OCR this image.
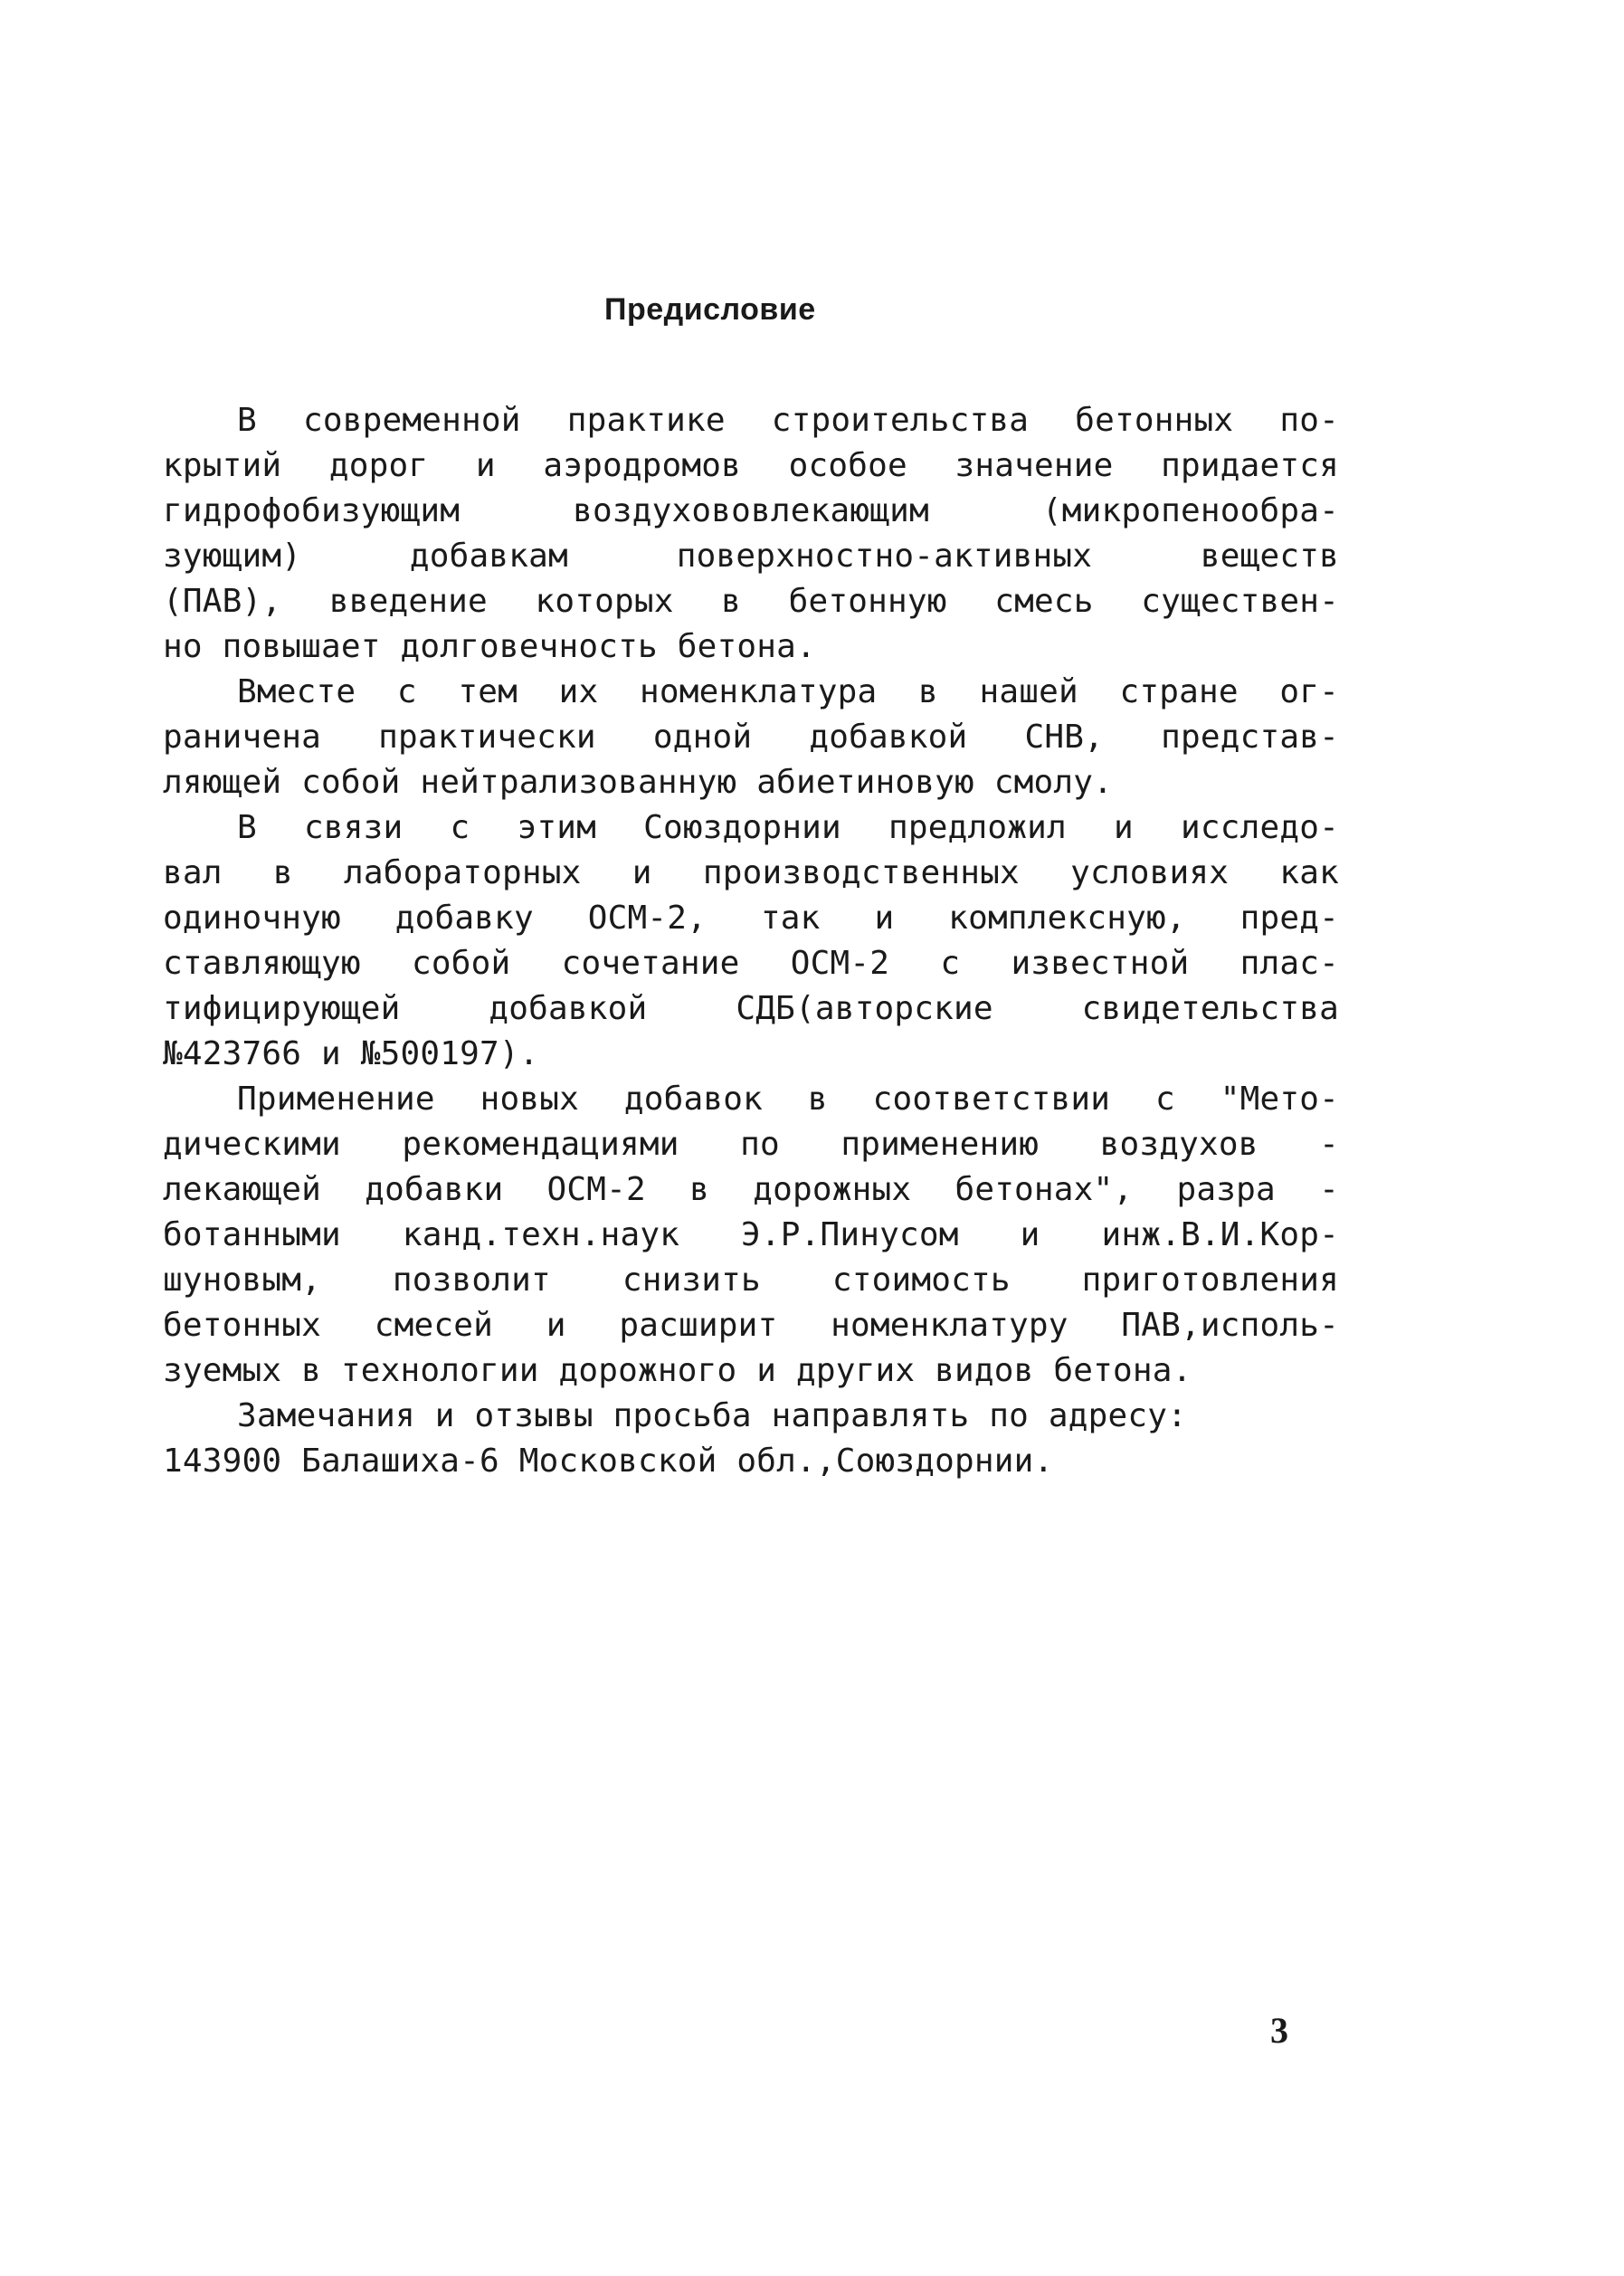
Предисловие
В современной практике строительства бетонных по-
крытий дорог и аэродромов особое значение придается
гидрофобизующим воздухововлекающим (микропенообра-
зующим) добавкам поверхностно-активных веществ
(ПАВ), введение которых в бетонную смесь существен-
но повышает долговечность бетона.
Вместе с тем их номенклатура в нашей стране ог-
раничена практически одной добавкой СНВ, представ-
ляющей собой нейтрализованную абиетиновую смолу.
В связи с этим Союздорнии предложил и исследо-
вал в лабораторных и производственных условиях как
одиночную добавку ОСМ-2, так и комплексную, пред-
ставляющую собой сочетание ОСМ-2 с известной плас-
тифицирующей добавкой СДБ(авторские свидетельства
№423766 и №500197).
Применение новых добавок в соответствии с "Мето-
дическими рекомендациями по применению воздухов -
лекающей добавки ОСМ-2 в дорожных бетонах", разра -
ботанными канд.техн.наук Э.Р.Пинусом и инж.В.И.Кор-
шуновым, позволит снизить стоимость приготовления
бетонных смесей и расширит номенклатуру ПАВ,исполь-
зуемых в технологии дорожного и других видов бетона.
Замечания и отзывы просьба направлять по адресу:
143900 Балашиха-6 Московской обл.,Союздорнии.
3
